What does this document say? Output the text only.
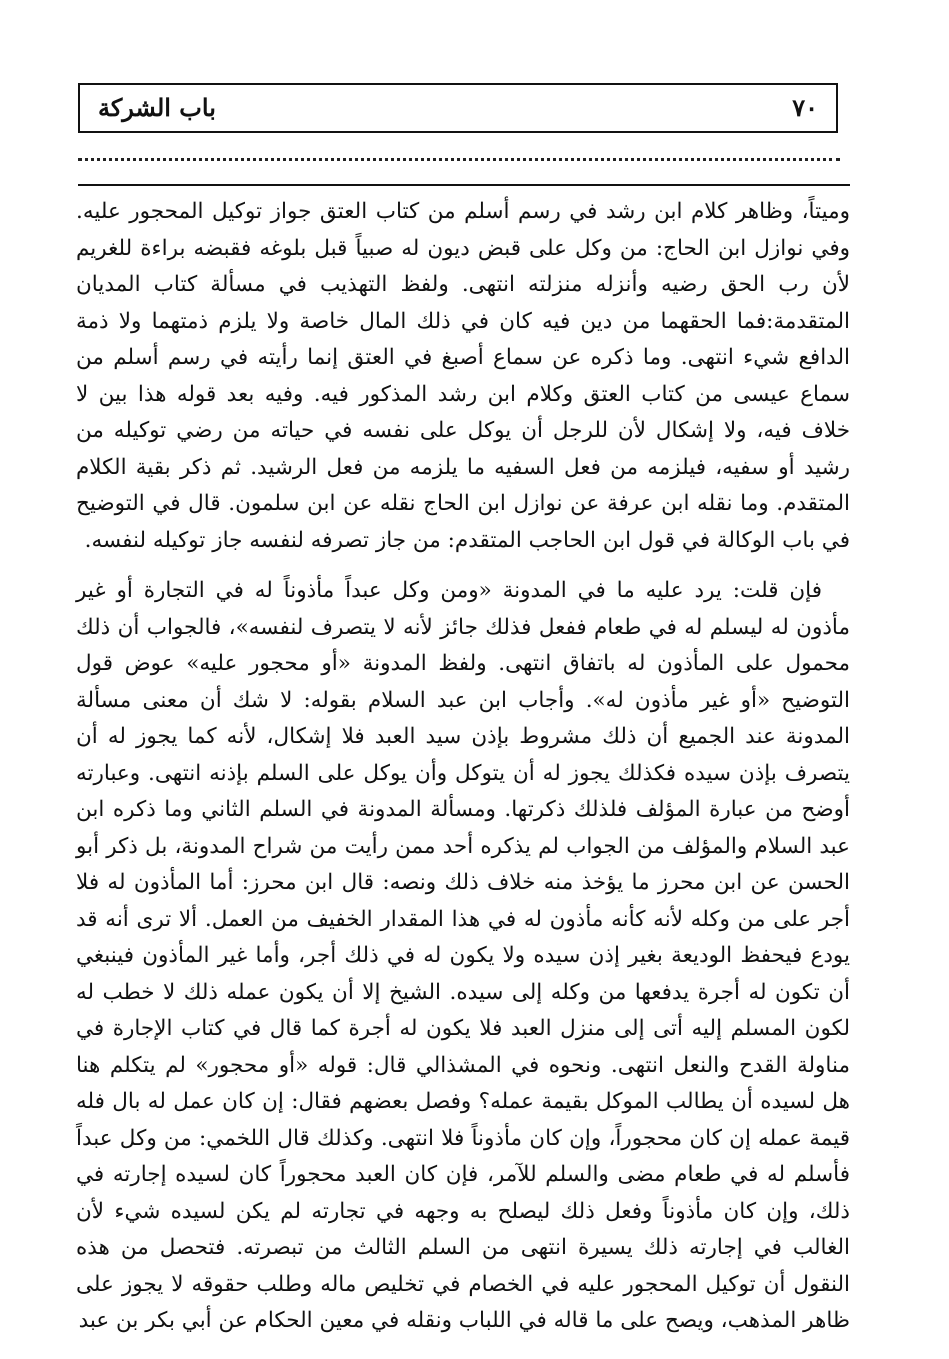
٧٠
باب الشركة

وميتاً، وظاهر كلام ابن رشد في رسم أسلم من كتاب العتق جواز توكيل المحجور عليه. وفي نوازل ابن الحاج: من وكل على قبض ديون له صبياً قبل بلوغه فقبضه براءة للغريم لأن رب الحق رضيه وأنزله منزلته انتهى. ولفظ التهذيب في مسألة كتاب المديان المتقدمة:فما الحقهما من دين فيه كان في ذلك المال خاصة ولا يلزم ذمتهما ولا ذمة الدافع شيء انتهى. وما ذكره عن سماع أصبغ في العتق إنما رأيته في رسم أسلم من سماع عيسى من كتاب العتق وكلام ابن رشد المذكور فيه. وفيه بعد قوله هذا بين لا خلاف فيه، ولا إشكال لأن للرجل أن يوكل على نفسه في حياته من رضي توكيله من رشيد أو سفيه، فيلزمه من فعل السفيه ما يلزمه من فعل الرشيد. ثم ذكر بقية الكلام المتقدم. وما نقله ابن عرفة عن نوازل ابن الحاج نقله عن ابن سلمون. قال في التوضيح في باب الوكالة في قول ابن الحاجب المتقدم: من جاز تصرفه لنفسه جاز توكيله لنفسه.

فإن قلت: يرد عليه ما في المدونة «ومن وكل عبداً مأذوناً له في التجارة أو غير مأذون له ليسلم له في طعام ففعل فذلك جائز لأنه لا يتصرف لنفسه»، فالجواب أن ذلك محمول على المأذون له باتفاق انتهى. ولفظ المدونة «أو محجور عليه» عوض قول التوضيح «أو غير مأذون له». وأجاب ابن عبد السلام بقوله: لا شك أن معنى مسألة المدونة عند الجميع أن ذلك مشروط بإذن سيد العبد فلا إشكال، لأنه كما يجوز له أن يتصرف بإذن سيده فكذلك يجوز له أن يتوكل وأن يوكل على السلم بإذنه انتهى. وعبارته أوضح من عبارة المؤلف فلذلك ذكرتها. ومسألة المدونة في السلم الثاني وما ذكره ابن عبد السلام والمؤلف من الجواب لم يذكره أحد ممن رأيت من شراح المدونة، بل ذكر أبو الحسن عن ابن محرز ما يؤخذ منه خلاف ذلك ونصه: قال ابن محرز: أما المأذون له فلا أجر على من وكله لأنه كأنه مأذون له في هذا المقدار الخفيف من العمل. ألا ترى أنه قد يودع فيحفظ الوديعة بغير إذن سيده ولا يكون له في ذلك أجر، وأما غير المأذون فينبغي أن تكون له أجرة يدفعها من وكله إلى سيده. الشيخ إلا أن يكون عمله ذلك لا خطب له لكون المسلم إليه أتى إلى منزل العبد فلا يكون له أجرة كما قال في كتاب الإجارة في مناولة القدح والنعل انتهى. ونحوه في المشذالي قال: قوله «أو محجور» لم يتكلم هنا هل لسيده أن يطالب الموكل بقيمة عمله؟ وفصل بعضهم فقال: إن كان عمل له بال فله قيمة عمله إن كان محجوراً، وإن كان مأذوناً فلا انتهى. وكذلك قال اللخمي: من وكل عبداً فأسلم له في طعام مضى والسلم للآمر، فإن كان العبد محجوراً كان لسيده إجارته في ذلك، وإن كان مأذوناً وفعل ذلك ليصلح به وجهه في تجارته لم يكن لسيده شيء لأن الغالب في إجارته ذلك يسيرة انتهى من السلم الثالث من تبصرته. فتحصل من هذه النقول أن توكيل المحجور عليه في الخصام في تخليص ماله وطلب حقوقه لا يجوز على ظاهر المذهب، ويصح على ما قاله في اللباب ونقله في معين الحكام عن أبي بكر بن عبد
